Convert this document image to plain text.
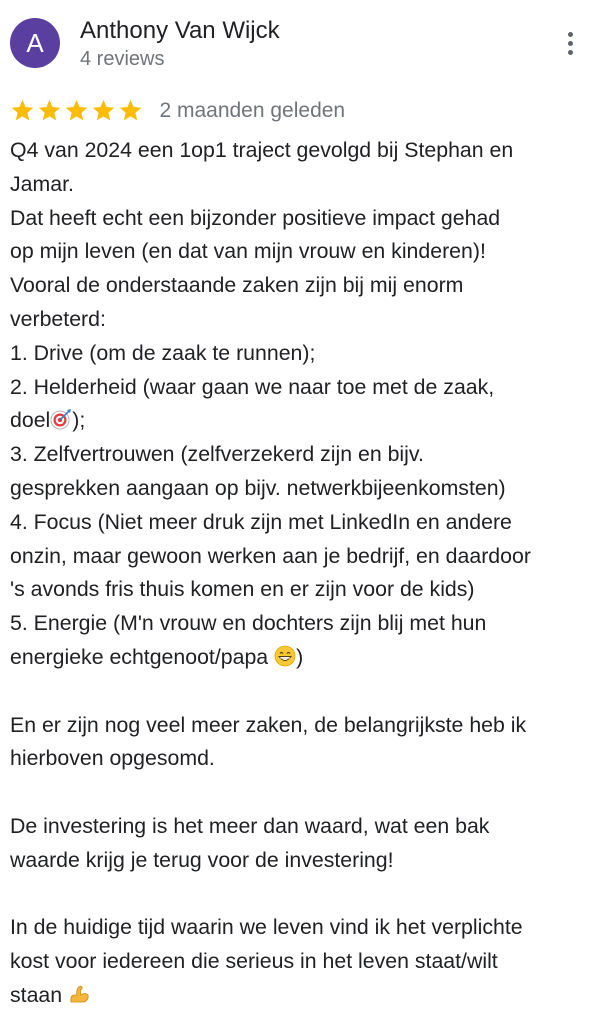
A	Anthony Van Wijck
4 reviews
2 maanden geleden
Q4 van 2024 een 1op1 traject gevolgd bij Stephan en
Jamar.
Dat heeft echt een bijzonder positieve impact gehad
op mijn leven (en dat van mijn vrouw en kinderen)!
Vooral de onderstaande zaken zijn bij mij enorm
verbeterd:
1. Drive (om de zaak te runnen);
2. Helderheid (waar gaan we naar toe met de zaak,
doel );
3. Zelfvertrouwen (zelfverzekerd zijn en bijv.
gesprekken aangaan op bijv. netwerkbijeenkomsten)
4. Focus (Niet meer druk zijn met LinkedIn en andere
onzin, maar gewoon werken aan je bedrijf, en daardoor
's avonds fris thuis komen en er zijn voor de kids)
5. Energie (M'n vrouw en dochters zijn blij met hun
energieke echtgenoot/papa )
En er zijn nog veel meer zaken, de belangrijkste heb ik
hierboven opgesomd.
De investering is het meer dan waard, wat een bak
waarde krijg je terug voor de investering!
In de huidige tijd waarin we leven vind ik het verplichte
kost voor iedereen die serieus in het leven staat/wilt
staan
